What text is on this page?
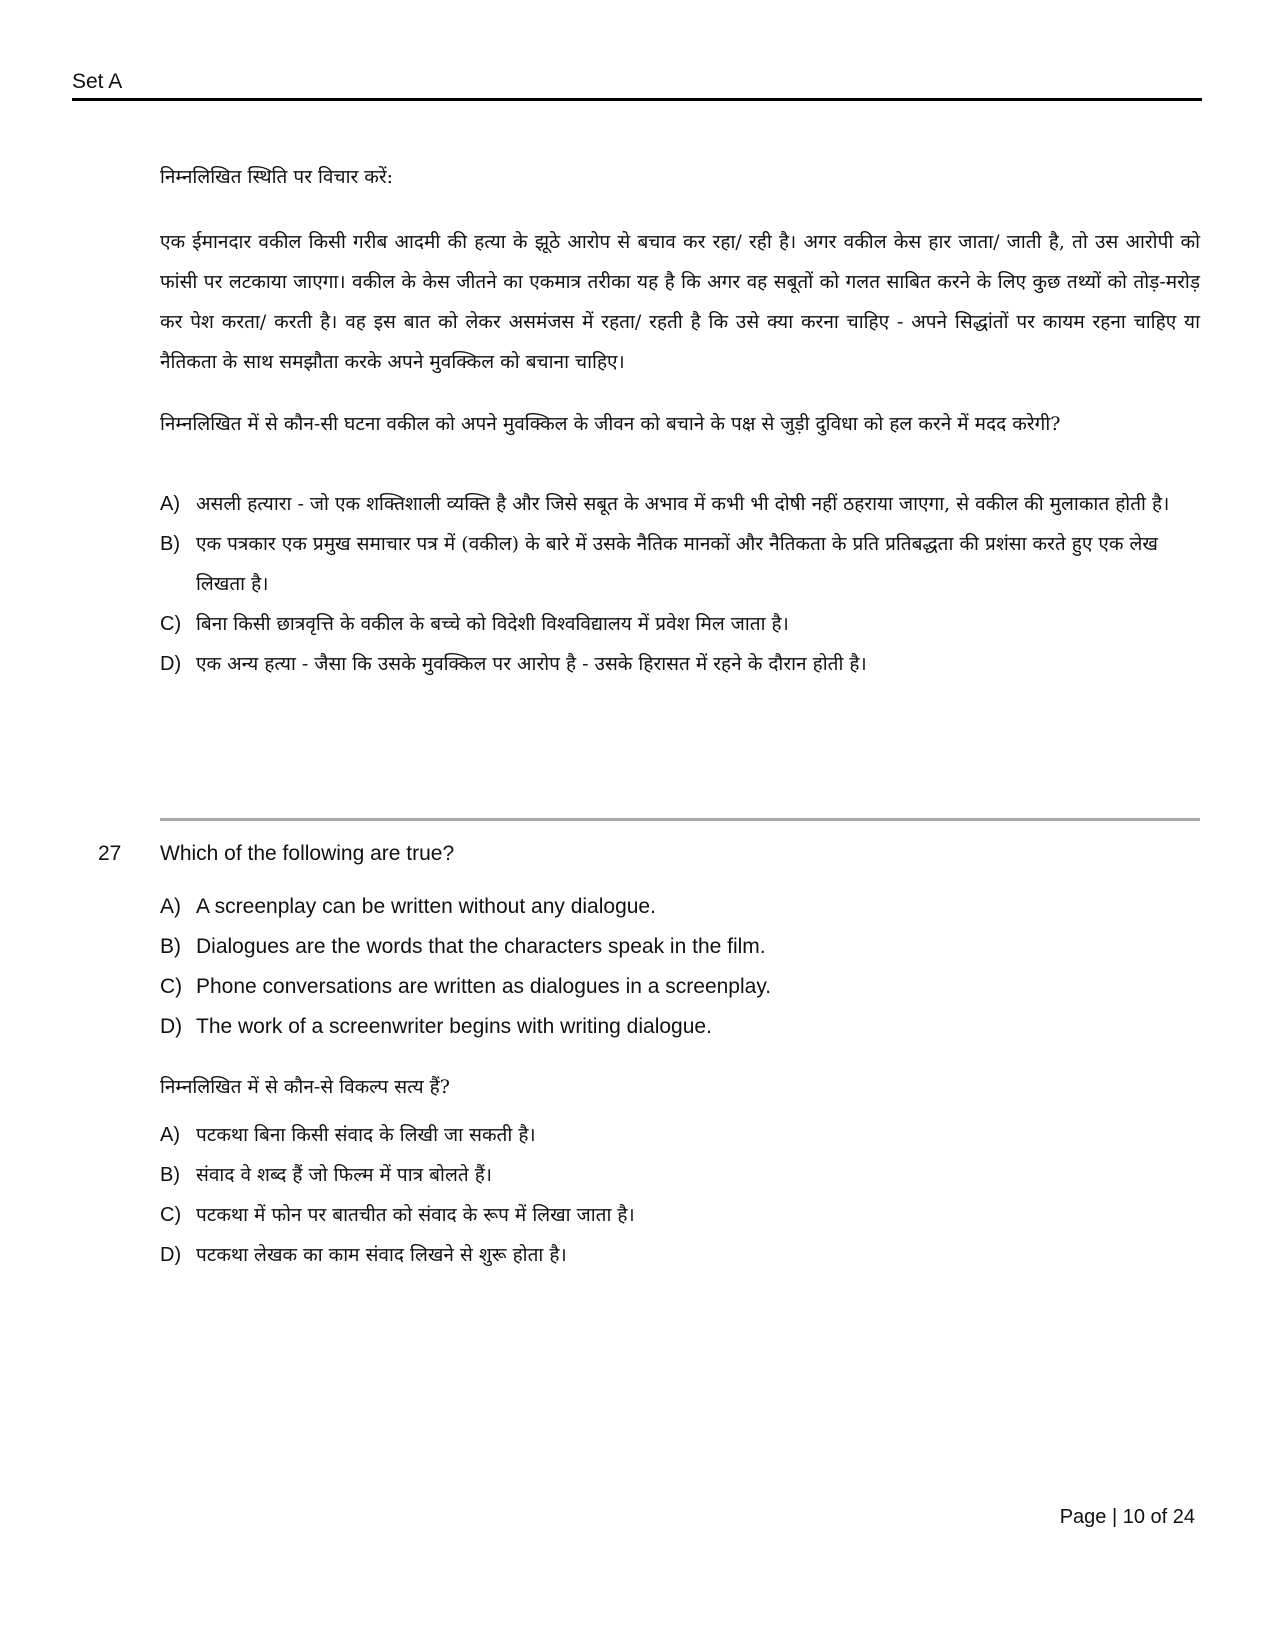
Set A

निम्नलिखित स्थिति पर विचार करें:

एक ईमानदार वकील किसी गरीब आदमी की हत्या के झूठे आरोप से बचाव कर रहा/ रही है। अगर वकील केस हार जाता/ जाती है, तो उस आरोपी को फांसी पर लटकाया जाएगा। वकील के केस जीतने का एकमात्र तरीका यह है कि अगर वह सबूतों को गलत साबित करने के लिए कुछ तथ्यों को तोड़-मरोड़ कर पेश करता/ करती है। वह इस बात को लेकर असमंजस में रहता/ रहती है कि उसे क्या करना चाहिए - अपने सिद्धांतों पर कायम रहना चाहिए या नैतिकता के साथ समझौता करके अपने मुवक्किल को बचाना चाहिए।

निम्नलिखित में से कौन-सी घटना वकील को अपने मुवक्किल के जीवन को बचाने के पक्ष से जुड़ी दुविधा को हल करने में मदद करेगी?

A) असली हत्यारा - जो एक शक्तिशाली व्यक्ति है और जिसे सबूत के अभाव में कभी भी दोषी नहीं ठहराया जाएगा, से वकील की मुलाकात होती है।
B) एक पत्रकार एक प्रमुख समाचार पत्र में (वकील) के बारे में उसके नैतिक मानकों और नैतिकता के प्रति प्रतिबद्धता की प्रशंसा करते हुए एक लेख लिखता है।
C) बिना किसी छात्रवृत्ति के वकील के बच्चे को विदेशी विश्वविद्यालय में प्रवेश मिल जाता है।
D) एक अन्य हत्या - जैसा कि उसके मुवक्किल पर आरोप है - उसके हिरासत में रहने के दौरान होती है।
27	Which of the following are true?
A) A screenplay can be written without any dialogue.
B) Dialogues are the words that the characters speak in the film.
C) Phone conversations are written as dialogues in a screenplay.
D) The work of a screenwriter begins with writing dialogue.
निम्नलिखित में से कौन-से विकल्प सत्य हैं?
A) पटकथा बिना किसी संवाद के लिखी जा सकती है।
B) संवाद वे शब्द हैं जो फिल्म में पात्र बोलते हैं।
C) पटकथा में फोन पर बातचीत को संवाद के रूप में लिखा जाता है।
D) पटकथा लेखक का काम संवाद लिखने से शुरू होता है।
Page | 10 of 24
